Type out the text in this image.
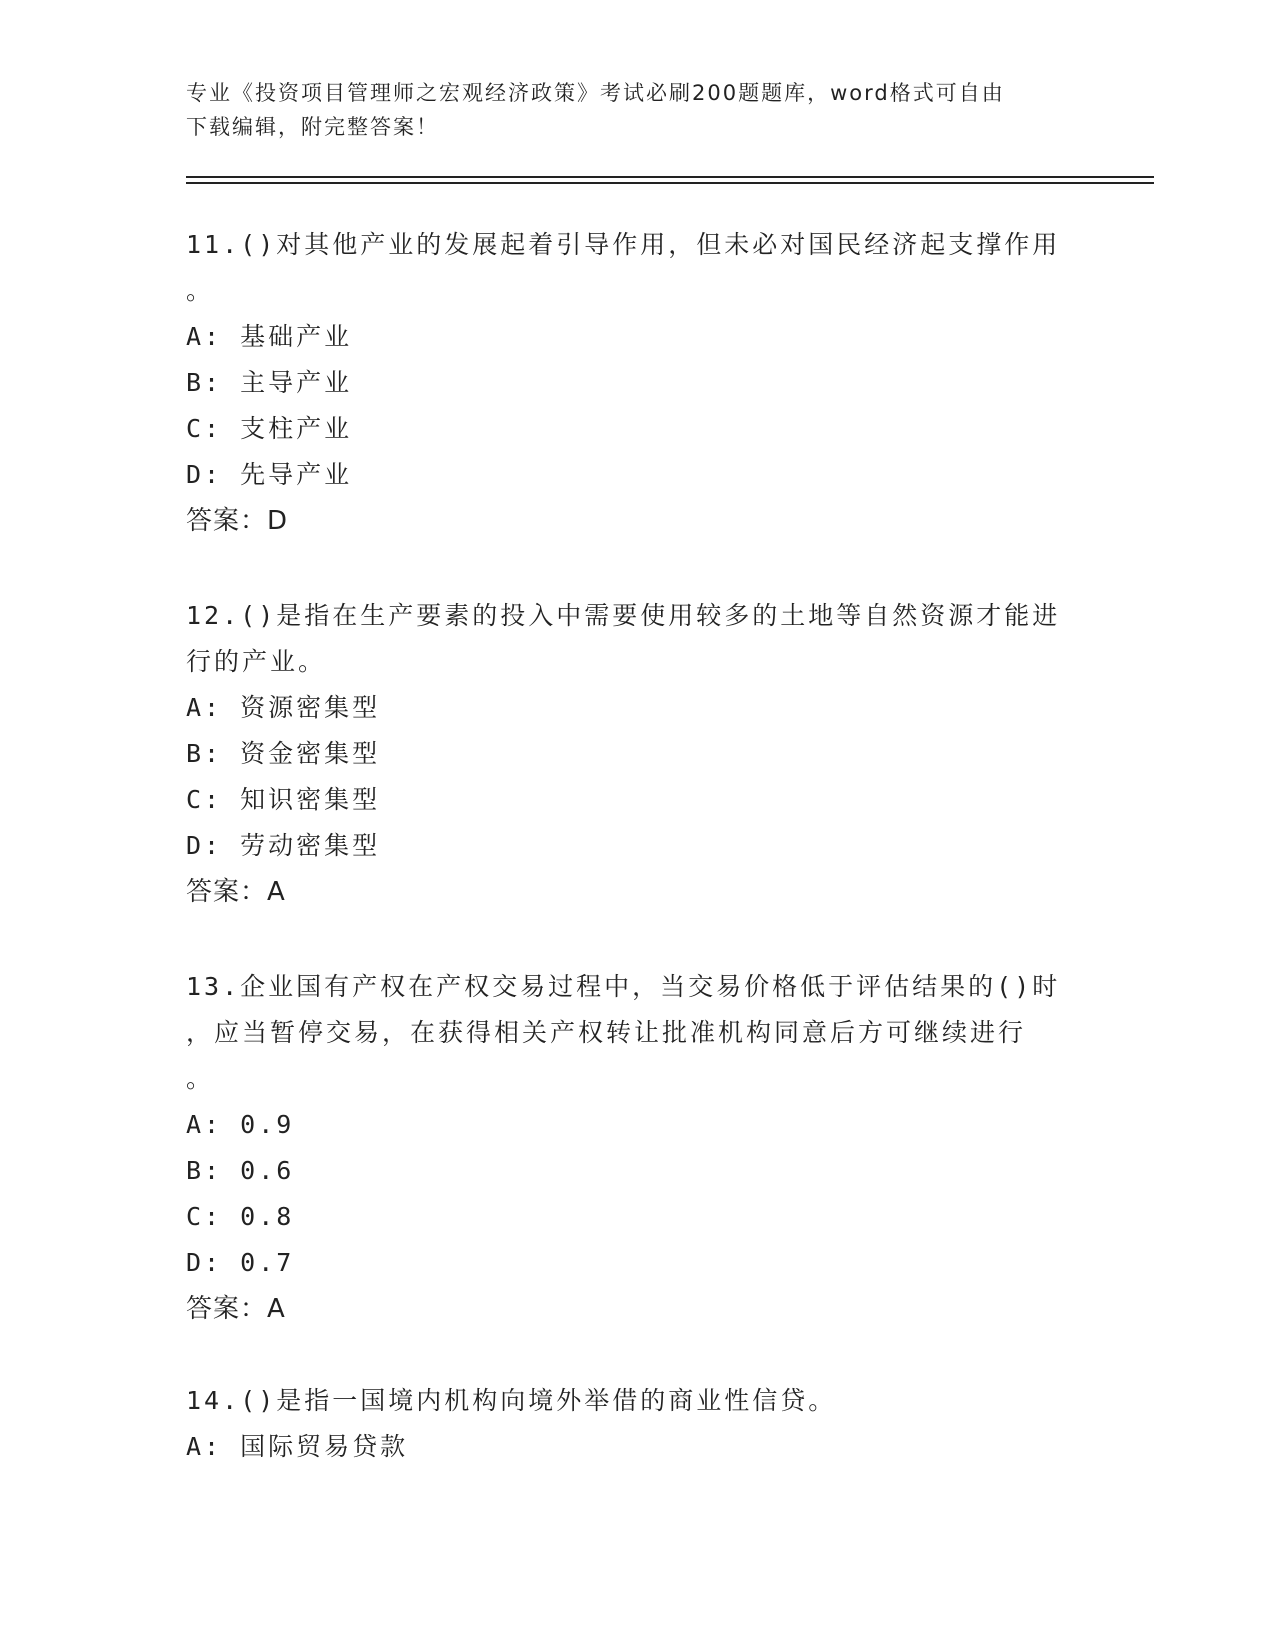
专业《投资项目管理师之宏观经济政策》考试必刷200题题库，word格式可自由
下载编辑，附完整答案！
11.()对其他产业的发展起着引导作用，但未必对国民经济起支撑作用
。
A: 基础产业
B: 主导产业
C: 支柱产业
D: 先导产业
答案：D
12.()是指在生产要素的投入中需要使用较多的土地等自然资源才能进
行的产业。
A: 资源密集型
B: 资金密集型
C: 知识密集型
D: 劳动密集型
答案：A
13.企业国有产权在产权交易过程中，当交易价格低于评估结果的()时
，应当暂停交易，在获得相关产权转让批准机构同意后方可继续进行
。
A: 0.9
B: 0.6
C: 0.8
D: 0.7
答案：A
14.()是指一国境内机构向境外举借的商业性信贷。
A: 国际贸易贷款
